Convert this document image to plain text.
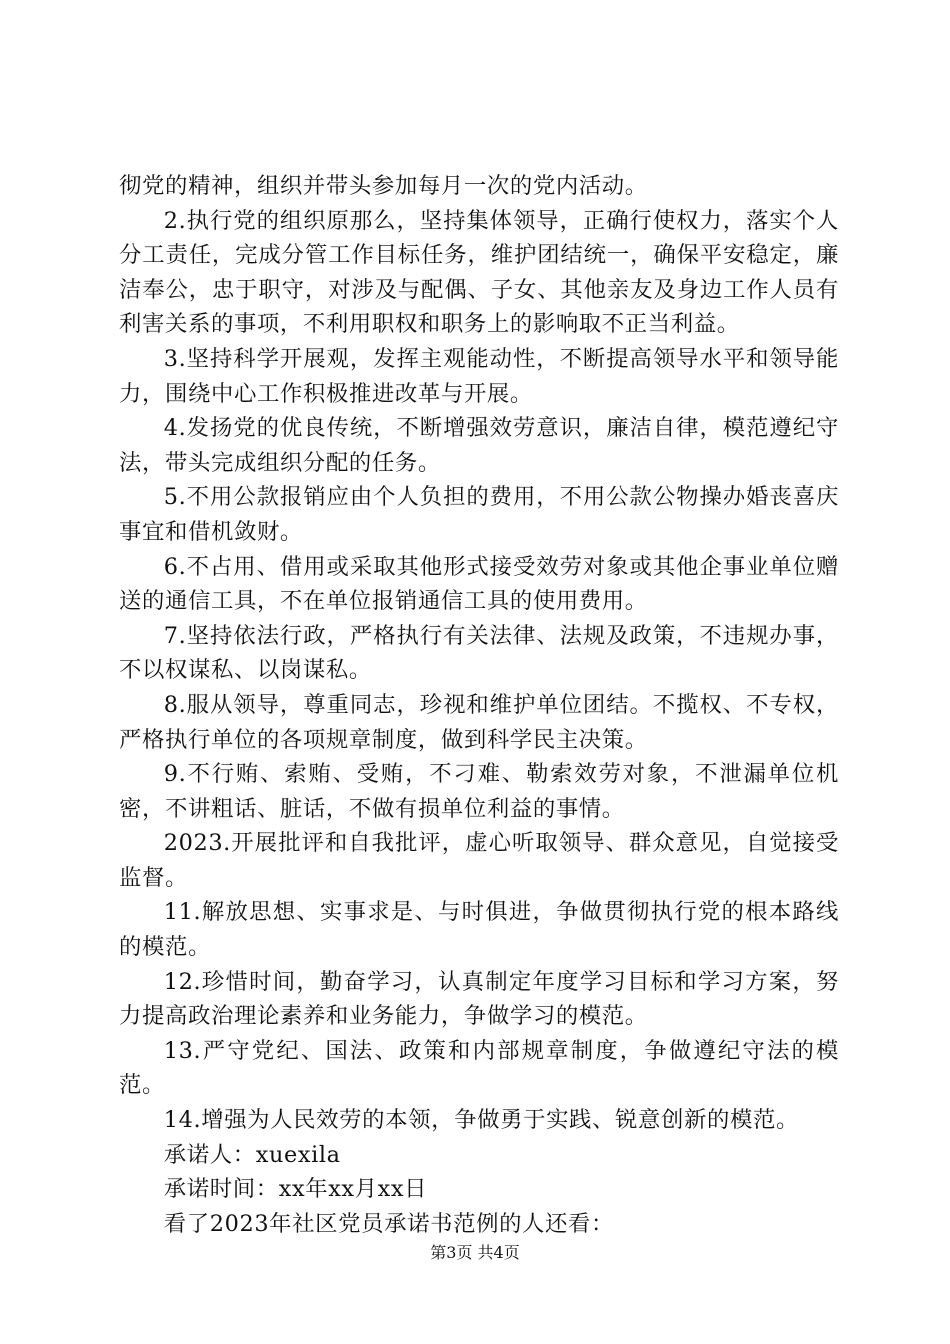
彻党的精神，组织并带头参加每月一次的党内活动。

2.执行党的组织原那么，坚持集体领导，正确行使权力，落实个人分工责任，完成分管工作目标任务，维护团结统一，确保平安稳定，廉洁奉公，忠于职守，对涉及与配偶、子女、其他亲友及身边工作人员有利害关系的事项，不利用职权和职务上的影响取不正当利益。

3.坚持科学开展观，发挥主观能动性，不断提高领导水平和领导能力，围绕中心工作积极推进改革与开展。

4.发扬党的优良传统，不断增强效劳意识，廉洁自律，模范遵纪守法，带头完成组织分配的任务。

5.不用公款报销应由个人负担的费用，不用公款公物操办婚丧喜庆事宜和借机敛财。

6.不占用、借用或采取其他形式接受效劳对象或其他企事业单位赠送的通信工具，不在单位报销通信工具的使用费用。

7.坚持依法行政，严格执行有关法律、法规及政策，不违规办事，不以权谋私、以岗谋私。

8.服从领导，尊重同志，珍视和维护单位团结。不揽权、不专权，严格执行单位的各项规章制度，做到科学民主决策。

9.不行贿、索贿、受贿，不刁难、勒索效劳对象，不泄漏单位机密，不讲粗话、脏话，不做有损单位利益的事情。

2023.开展批评和自我批评，虚心听取领导、群众意见，自觉接受监督。

11.解放思想、实事求是、与时俱进，争做贯彻执行党的根本路线的模范。

12.珍惜时间，勤奋学习，认真制定年度学习目标和学习方案，努力提高政治理论素养和业务能力，争做学习的模范。

13.严守党纪、国法、政策和内部规章制度，争做遵纪守法的模范。

14.增强为人民效劳的本领，争做勇于实践、锐意创新的模范。

承诺人：xuexila

承诺时间：xx年xx月xx日

看了2023年社区党员承诺书范例的人还看：

第3页 共4页
